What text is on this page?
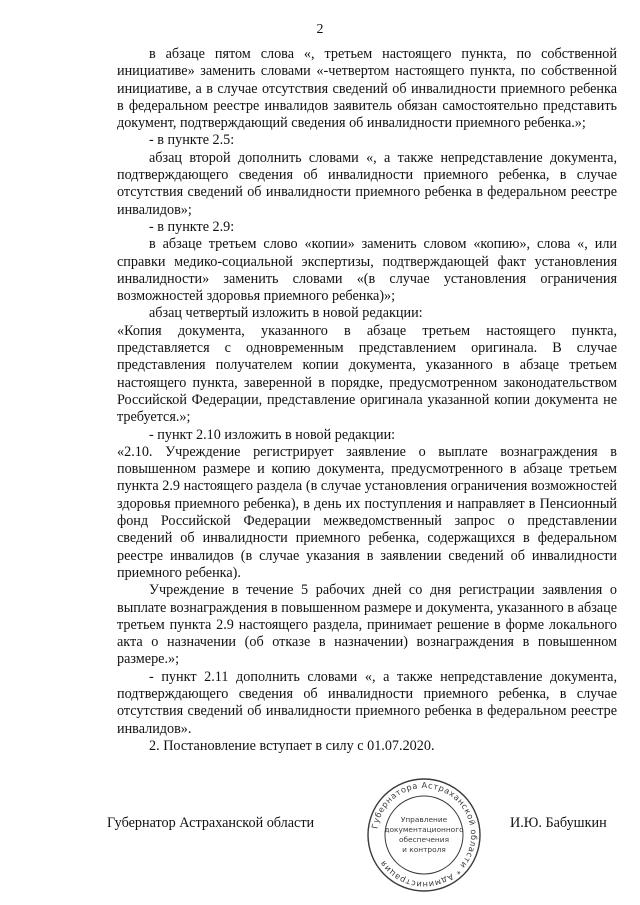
2

в абзаце пятом слова «, третьем настоящего пункта, по собственной инициативе» заменить словами «-четвертом настоящего пункта, по собственной инициативе, а в случае отсутствия сведений об инвалидности приемного ребенка в федеральном реестре инвалидов заявитель обязан самостоятельно представить документ, подтверждающий сведения об инвалидности приемного ребенка.»;

- в пункте 2.5:

абзац второй дополнить словами «, а также непредставление документа, подтверждающего сведения об инвалидности приемного ребенка, в случае отсутствия сведений об инвалидности приемного ребенка в федеральном реестре инвалидов»;

- в пункте 2.9:

в абзаце третьем слово «копии» заменить словом «копию», слова «, или справки медико-социальной экспертизы, подтверждающей факт установления инвалидности» заменить словами «(в случае установления ограничения возможностей здоровья приемного ребенка)»;

абзац четвертый изложить в новой редакции:

«Копия документа, указанного в абзаце третьем настоящего пункта, представляется с одновременным представлением оригинала. В случае представления получателем копии документа, указанного в абзаце третьем настоящего пункта, заверенной в порядке, предусмотренном законодательством Российской Федерации, представление оригинала указанной копии документа не требуется.»;

- пункт 2.10 изложить в новой редакции:

«2.10. Учреждение регистрирует заявление о выплате вознаграждения в повышенном размере и копию документа, предусмотренного в абзаце третьем пункта 2.9 настоящего раздела (в случае установления ограничения возможностей здоровья приемного ребенка), в день их поступления и направляет в Пенсионный фонд Российской Федерации межведомственный запрос о представлении сведений об инвалидности приемного ребенка, содержащихся в федеральном реестре инвалидов (в случае указания в заявлении сведений об инвалидности приемного ребенка).

Учреждение в течение 5 рабочих дней со дня регистрации заявления о выплате вознаграждения в повышенном размере и документа, указанного в абзаце третьем пункта 2.9 настоящего раздела, принимает решение в форме локального акта о назначении (об отказе в назначении) вознаграждения в повышенном размере.»;

- пункт 2.11 дополнить словами «, а также непредставление документа, подтверждающего сведения об инвалидности приемного ребенка, в случае отсутствия сведений об инвалидности приемного ребенка в федеральном реестре инвалидов».

2. Постановление вступает в силу с 01.07.2020.

Губернатор Астраханской области	И.Ю. Бабушкин
Губернатора Астраханской области * Администрация
Управление
документационного
обеспечения
и контроля
